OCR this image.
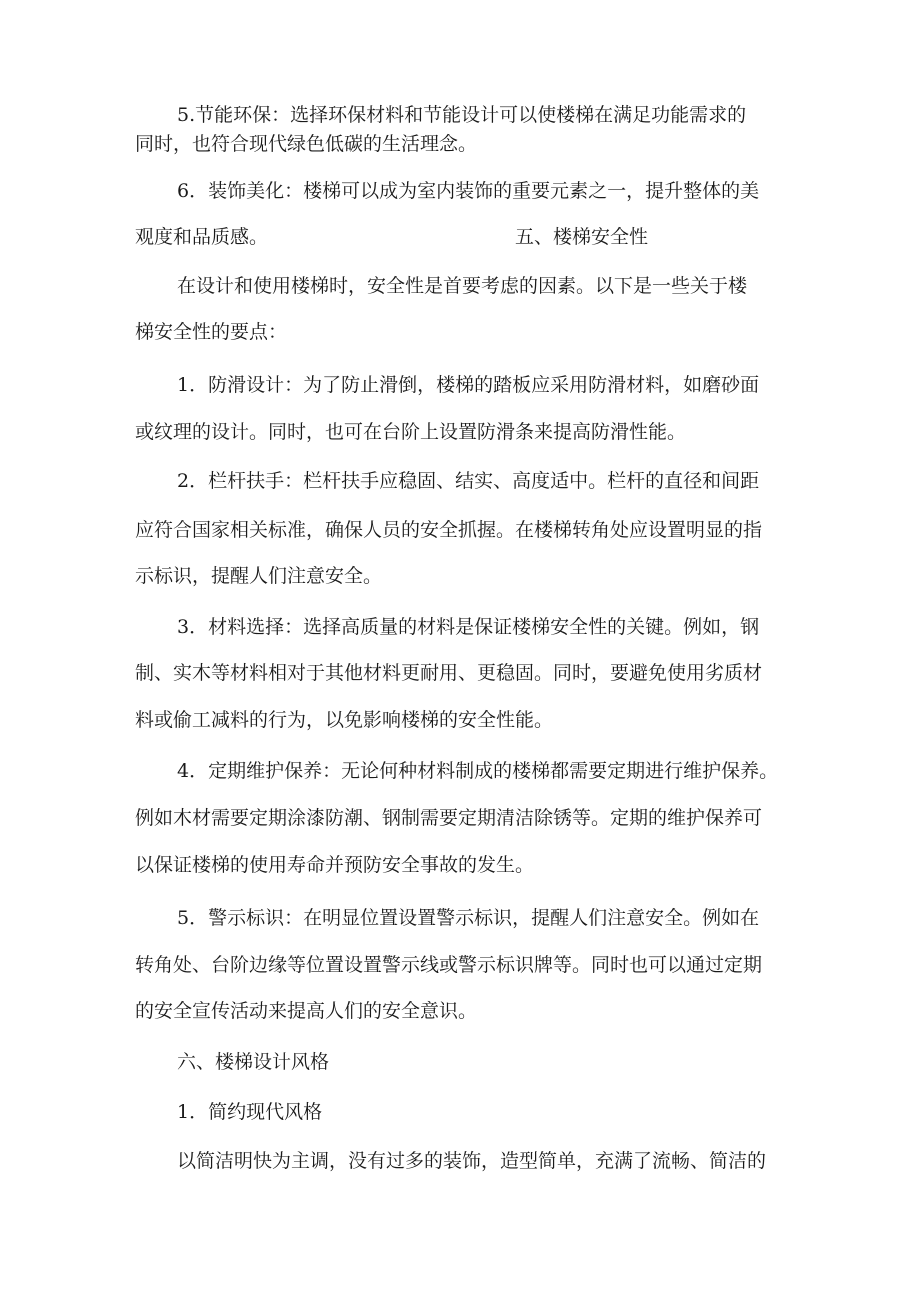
5.节能环保：选择环保材料和节能设计可以使楼梯在满足功能需求的
同时，也符合现代绿色低碳的生活理念。
6．装饰美化：楼梯可以成为室内装饰的重要元素之一，提升整体的美
观度和品质感。	五、楼梯安全性
在设计和使用楼梯时，安全性是首要考虑的因素。以下是一些关于楼
梯安全性的要点：
1．防滑设计：为了防止滑倒，楼梯的踏板应采用防滑材料，如磨砂面
或纹理的设计。同时，也可在台阶上设置防滑条来提高防滑性能。
2．栏杆扶手：栏杆扶手应稳固、结实、高度适中。栏杆的直径和间距
应符合国家相关标准，确保人员的安全抓握。在楼梯转角处应设置明显的指
示标识，提醒人们注意安全。
3．材料选择：选择高质量的材料是保证楼梯安全性的关键。例如，钢
制、实木等材料相对于其他材料更耐用、更稳固。同时，要避免使用劣质材
料或偷工减料的行为，以免影响楼梯的安全性能。
4．定期维护保养：无论何种材料制成的楼梯都需要定期进行维护保养。
例如木材需要定期涂漆防潮、钢制需要定期清洁除锈等。定期的维护保养可
以保证楼梯的使用寿命并预防安全事故的发生。
5．警示标识：在明显位置设置警示标识，提醒人们注意安全。例如在
转角处、台阶边缘等位置设置警示线或警示标识牌等。同时也可以通过定期
的安全宣传活动来提高人们的安全意识。
六、楼梯设计风格
1．简约现代风格
以简洁明快为主调，没有过多的装饰，造型简单，充满了流畅、简洁的
